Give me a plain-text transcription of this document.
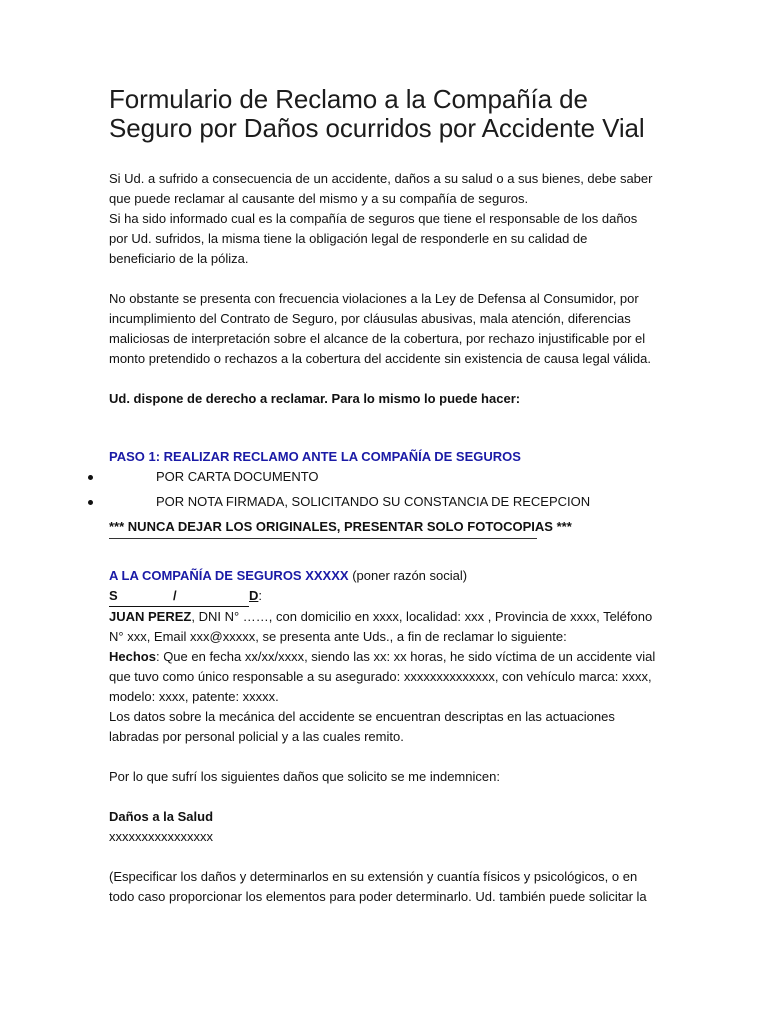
Formulario de Reclamo a la Compañía de Seguro por Daños ocurridos por Accidente Vial

Si Ud. a sufrido a consecuencia de un accidente, daños a su salud o a sus bienes, debe saber que puede reclamar al causante del mismo y a su compañía de seguros.

Si ha sido informado cual es la compañía de seguros que tiene el responsable de los daños por Ud. sufridos, la misma tiene la obligación legal de responderle en su calidad de beneficiario de la póliza.

No obstante se presenta con frecuencia violaciones a la Ley de Defensa al Consumidor, por incumplimiento del Contrato de Seguro, por cláusulas abusivas, mala atención, diferencias maliciosas de interpretación sobre el alcance de la cobertura, por rechazo injustificable por el monto pretendido o rechazos a la cobertura del accidente sin existencia de causa legal válida.

Ud. dispone de derecho a reclamar. Para lo mismo lo puede hacer:

PASO 1: REALIZAR RECLAMO ANTE LA COMPAÑÍA DE SEGUROS

POR CARTA DOCUMENTO
POR NOTA FIRMADA, SOLICITANDO SU CONSTANCIA DE RECEPCION

*** NUNCA DEJAR LOS ORIGINALES, PRESENTAR SOLO FOTOCOPIAS ***

A LA COMPAÑÍA DE SEGUROS XXXXX (poner razón social)

S	/	D:

JUAN PEREZ, DNI N° ……, con domicilio en xxxx, localidad: xxx , Provincia de xxxx, Teléfono N° xxx, Email xxx@xxxxx, se presenta ante Uds., a fin de reclamar lo siguiente:

Hechos: Que en fecha xx/xx/xxxx, siendo las xx: xx horas, he sido víctima de un accidente vial que tuvo como único responsable a su asegurado: xxxxxxxxxxxxxx, con vehículo marca: xxxx, modelo: xxxx, patente: xxxxx.

Los datos sobre la mecánica del accidente se encuentran descriptas en las actuaciones labradas por personal policial y a las cuales remito.

Por lo que sufrí los siguientes daños que solicito se me indemnicen:

Daños a la Salud

xxxxxxxxxxxxxxxx

(Especificar los daños y determinarlos en su extensión y cuantía físicos y psicológicos, o en todo caso proporcionar los elementos para poder determinarlo. Ud. también puede solicitar la
